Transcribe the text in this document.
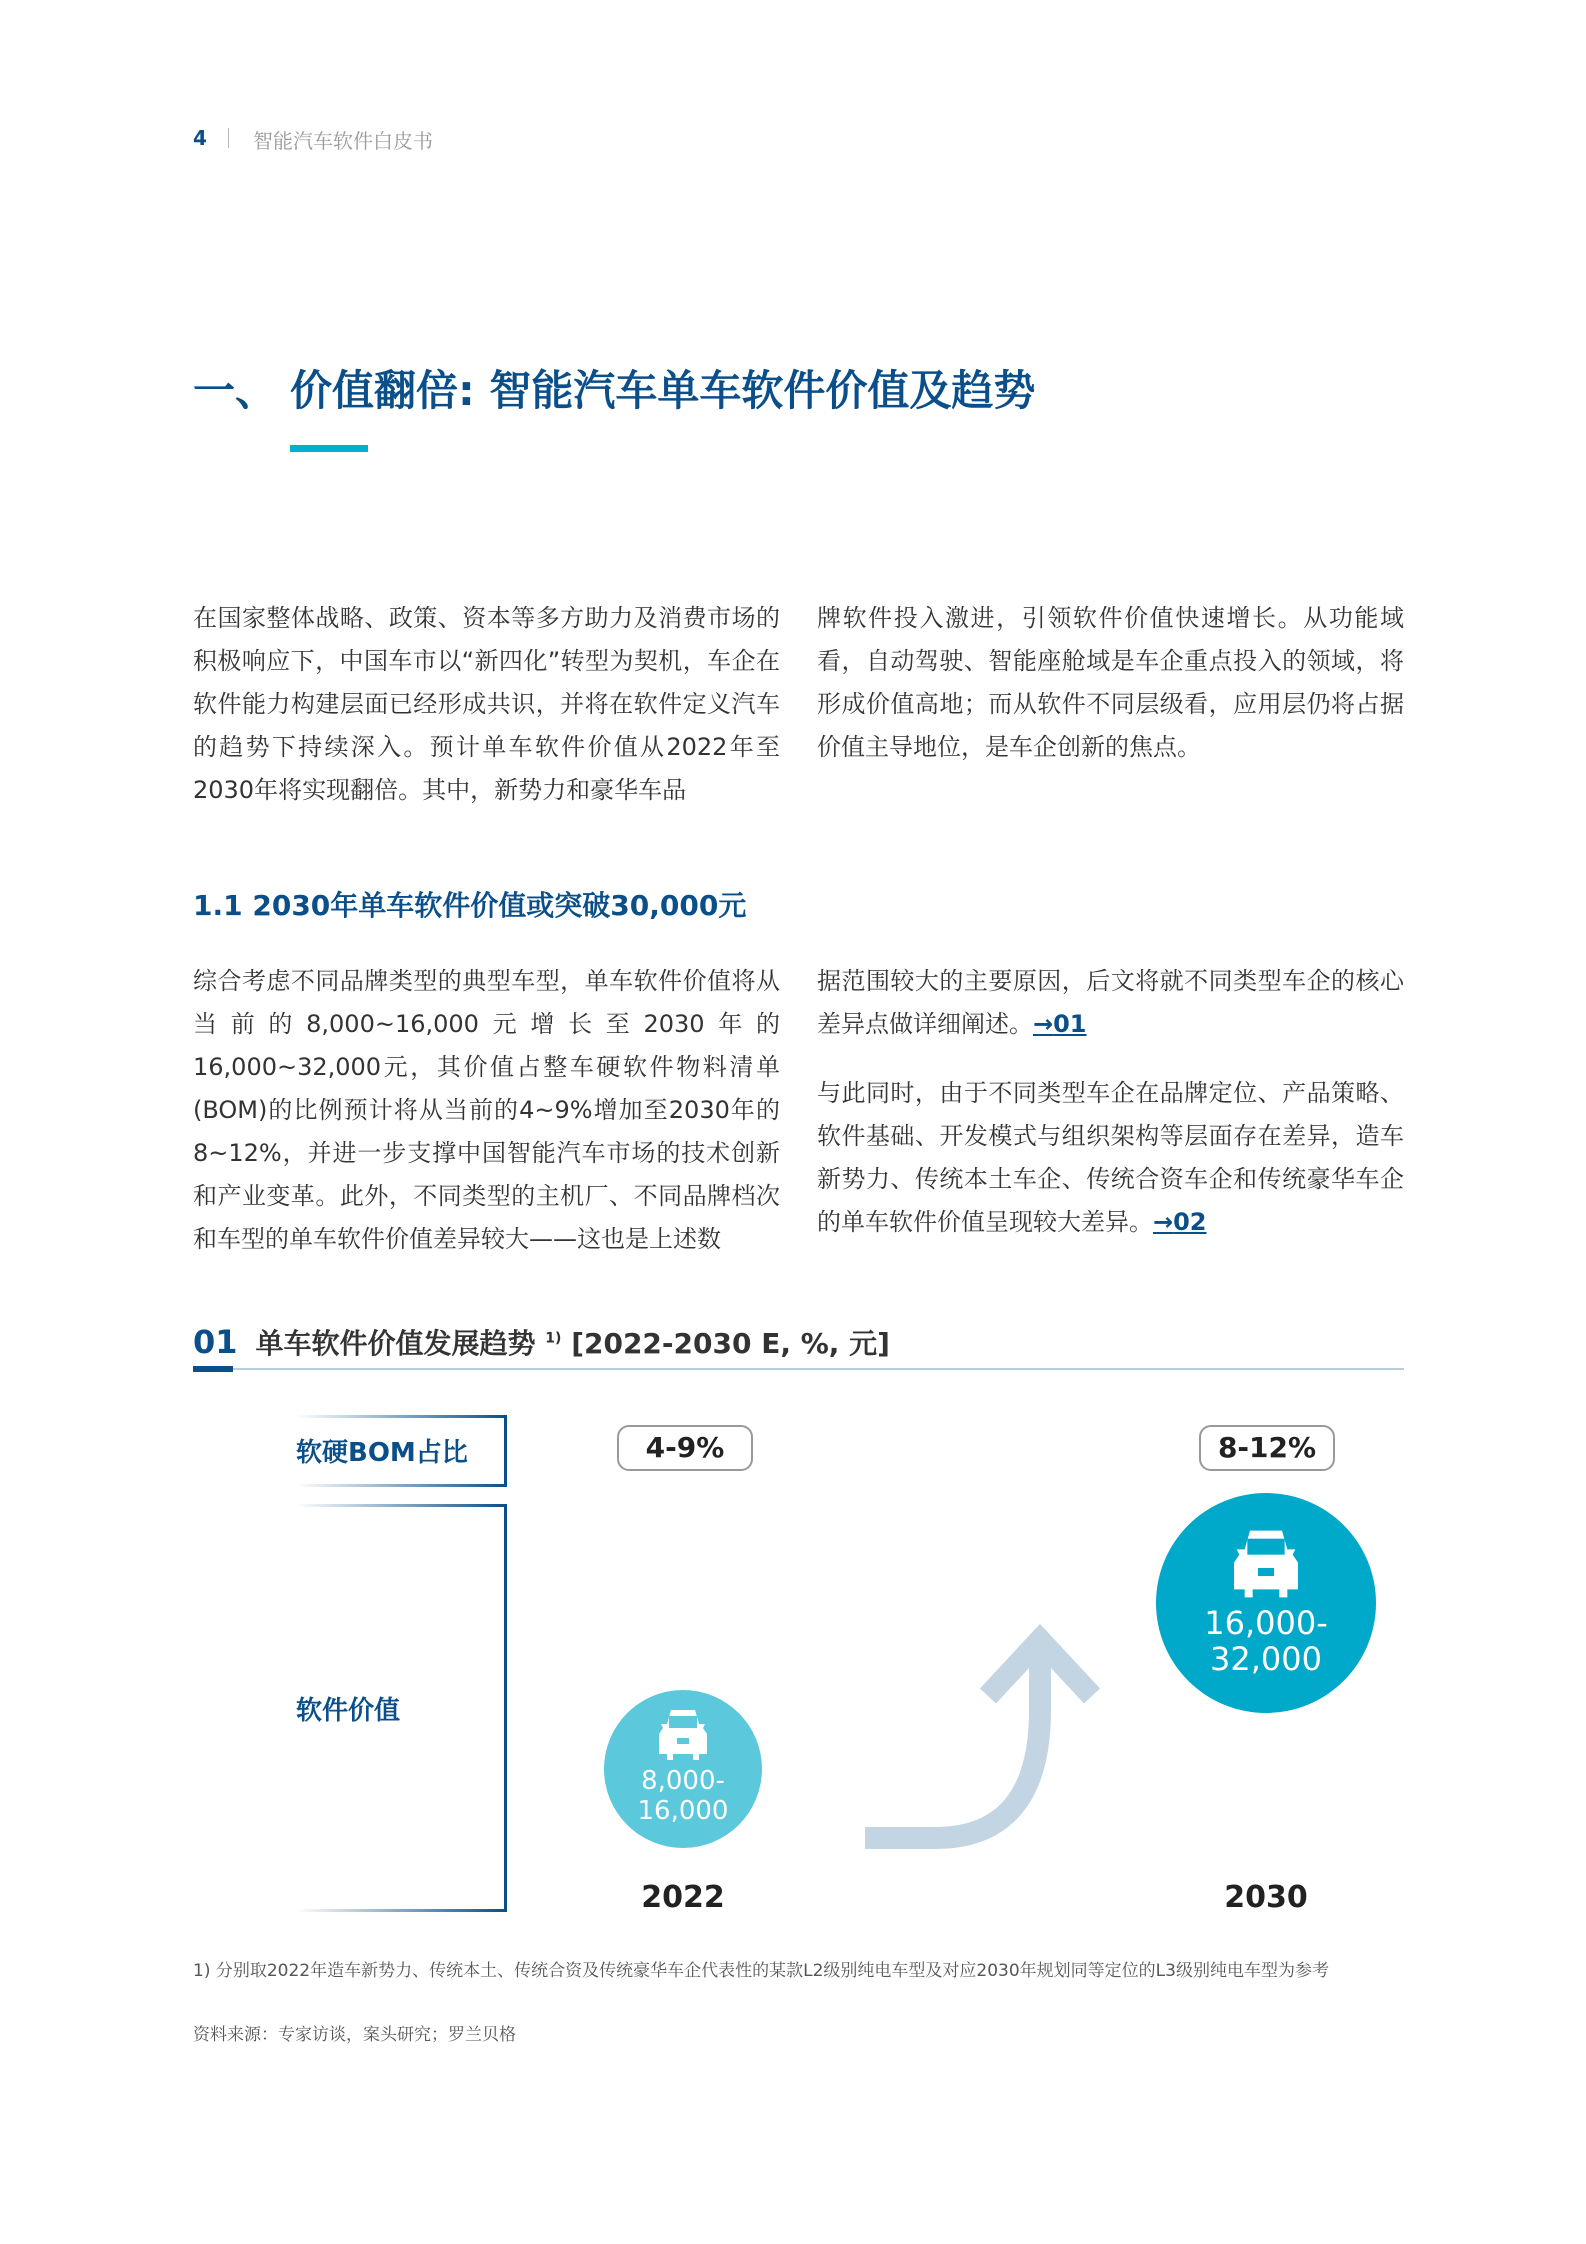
4 智能汽车软件白皮书
一、 价值翻倍: 智能汽车单车软件价值及趋势
在国家整体战略、政策、资本等多方助力及消费市场的积极响应下，中国车市以“新四化”转型为契机，车企在软件能力构建层面已经形成共识，并将在软件定义汽车的趋势下持续深入。预计单车软件价值从2022年至2030年将实现翻倍。其中，新势力和豪华车品
牌软件投入激进，引领软件价值快速增长。从功能域看，自动驾驶、智能座舱域是车企重点投入的领域，将形成价值高地；而从软件不同层级看，应用层仍将占据价值主导地位，是车企创新的焦点。
1.1 2030年单车软件价值或突破30,000元
综合考虑不同品牌类型的典型车型，单车软件价值将从当前的8,000~16,000元增长至2030年的16,000~32,000元，其价值占整车硬软件物料清单(BOM)的比例预计将从当前的4~9%增加至2030年的8~12%，并进一步支撑中国智能汽车市场的技术创新和产业变革。此外，不同类型的主机厂、不同品牌档次和车型的单车软件价值差异较大——这也是上述数
据范围较大的主要原因，后文将就不同类型车企的核心差异点做详细阐述。→01
与此同时，由于不同类型车企在品牌定位、产品策略、软件基础、开发模式与组织架构等层面存在差异，造车新势力、传统本土车企、传统合资车企和传统豪华车企的单车软件价值呈现较大差异。→02
01 单车软件价值发展趋势 $^{1)}$ [2022-2030 E, %, 元]
软硬BOM占比
软件价值
4-9%	8-12%
8,000-
16,000
16,000-
32,000
2022	2030
1) 分别取2022年造车新势力、传统本土、传统合资及传统豪华车企代表性的某款L2级别纯电车型及对应2030年规划同等定位的L3级别纯电车型为参考
资料来源：专家访谈，案头研究；罗兰贝格
